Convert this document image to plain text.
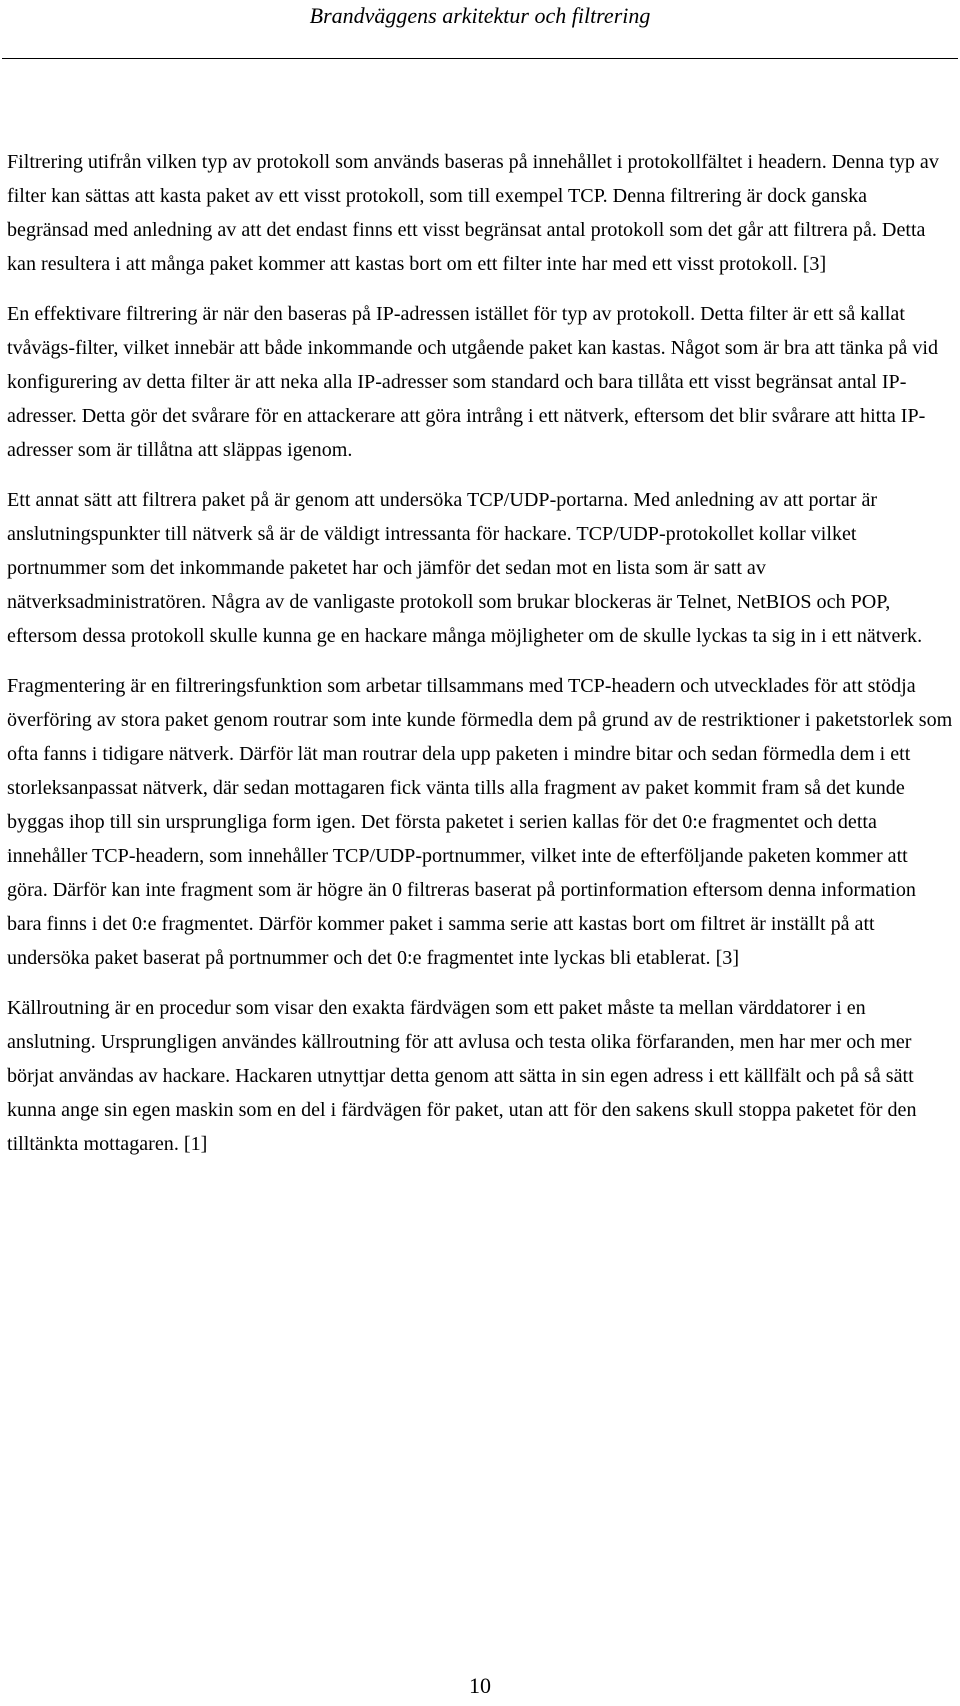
Brandväggens arkitektur och filtrering

Filtrering utifrån vilken typ av protokoll som används baseras på innehållet i protokollfältet i headern. Denna typ av filter kan sättas att kasta paket av ett visst protokoll, som till exempel TCP. Denna filtrering är dock ganska begränsad med anledning av att det endast finns ett visst begränsat antal protokoll som det går att filtrera på. Detta kan resultera i att många paket kommer att kastas bort om ett filter inte har med ett visst protokoll. [3]

En effektivare filtrering är när den baseras på IP-adressen istället för typ av protokoll. Detta filter är ett så kallat tvåvägs-filter, vilket innebär att både inkommande och utgående paket kan kastas. Något som är bra att tänka på vid konfigurering av detta filter är att neka alla IP-adresser som standard och bara tillåta ett visst begränsat antal IP-adresser. Detta gör det svårare för en attackerare att göra intrång i ett nätverk, eftersom det blir svårare att hitta IP-adresser som är tillåtna att släppas igenom.

Ett annat sätt att filtrera paket på är genom att undersöka TCP/UDP-portarna. Med anledning av att portar är anslutningspunkter till nätverk så är de väldigt intressanta för hackare. TCP/UDP-protokollet kollar vilket portnummer som det inkommande paketet har och jämför det sedan mot en lista som är satt av nätverksadministratören. Några av de vanligaste protokoll som brukar blockeras är Telnet, NetBIOS och POP, eftersom dessa protokoll skulle kunna ge en hackare många möjligheter om de skulle lyckas ta sig in i ett nätverk.

Fragmentering är en filtreringsfunktion som arbetar tillsammans med TCP-headern och utvecklades för att stödja överföring av stora paket genom routrar som inte kunde förmedla dem på grund av de restriktioner i paketstorlek som ofta fanns i tidigare nätverk. Därför lät man routrar dela upp paketen i mindre bitar och sedan förmedla dem i ett storleksanpassat nätverk, där sedan mottagaren fick vänta tills alla fragment av paket kommit fram så det kunde byggas ihop till sin ursprungliga form igen. Det första paketet i serien kallas för det 0:e fragmentet och detta innehåller TCP-headern, som innehåller TCP/UDP-portnummer, vilket inte de efterföljande paketen kommer att göra. Därför kan inte fragment som är högre än 0 filtreras baserat på portinformation eftersom denna information bara finns i det 0:e fragmentet. Därför kommer paket i samma serie att kastas bort om filtret är inställt på att undersöka paket baserat på portnummer och det 0:e fragmentet inte lyckas bli etablerat. [3]

Källroutning är en procedur som visar den exakta färdvägen som ett paket måste ta mellan värddatorer i en anslutning. Ursprungligen användes källroutning för att avlusa och testa olika förfaranden, men har mer och mer börjat användas av hackare. Hackaren utnyttjar detta genom att sätta in sin egen adress i ett källfält och på så sätt kunna ange sin egen maskin som en del i färdvägen för paket, utan att för den sakens skull stoppa paketet för den tilltänkta mottagaren. [1]

10
